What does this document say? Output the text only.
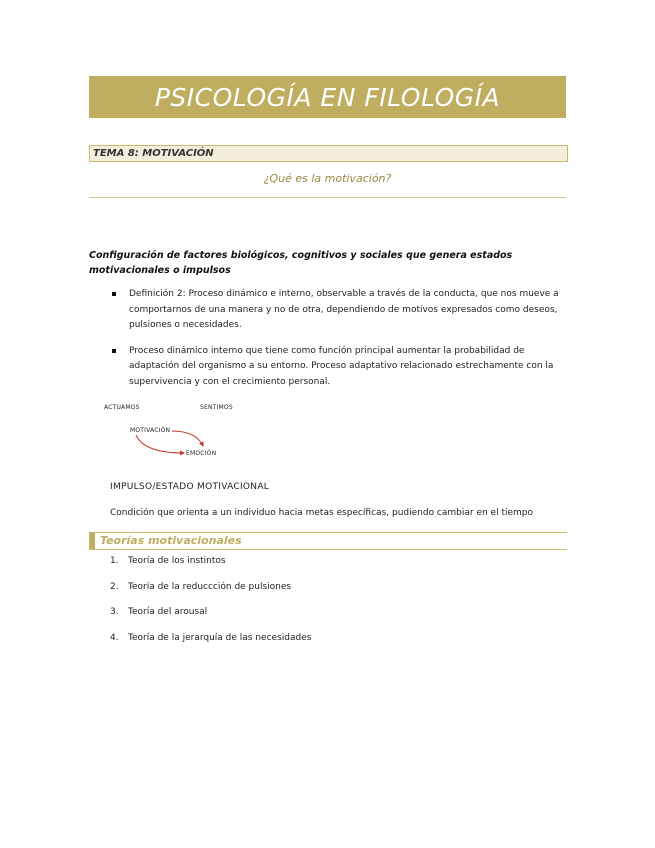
PSICOLOGÍA EN FILOLOGÍA
TEMA 8: MOTIVACIÓN
¿Qué es la motivación?
Configuración de factores biológicos, cognitivos y sociales que genera estados motivacionales o impulsos
Definición 2: Proceso dinámico e interno, observable a través de la conducta, que nos mueve a comportarnos de una manera y no de otra, dependiendo de motivos expresados como deseos, pulsiones o necesidades.
Proceso dinámico interno que tiene como función principal aumentar la probabilidad de adaptación del organismo a su entorno. Proceso adaptativo relacionado estrechamente con la supervivencia y con el crecimiento personal.
ACTUAMOS	SENTIMOS
MOTIVACIÓN
EMOCIÓN
IMPULSO/ESTADO MOTIVACIONAL
Condición que orienta a un individuo hacia metas específicas, pudiendo cambiar en el tiempo
Teorías motivacionales
1. Teoría de los instintos
2. Teoría de la reduccción de pulsiones
3. Teoría del arousal
4. Teoría de la jerarquía de las necesidades
